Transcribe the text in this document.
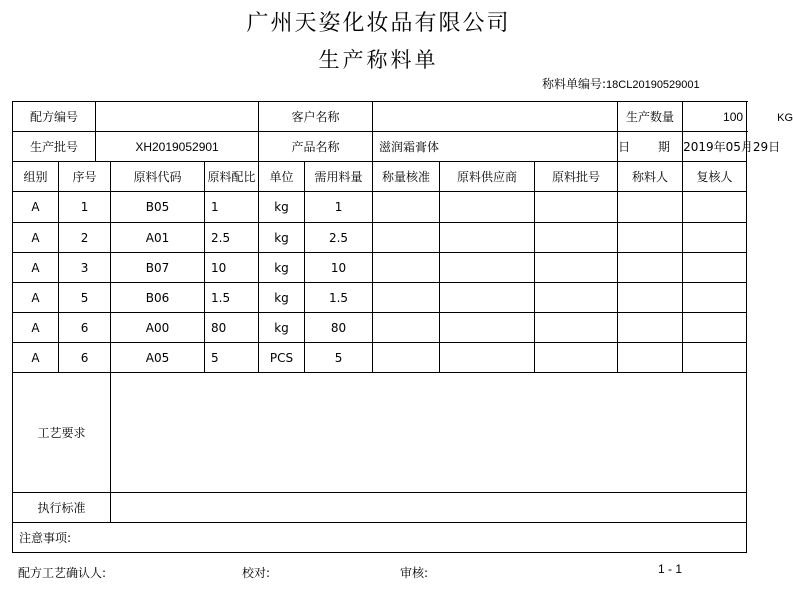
广州天姿化妆品有限公司
生产称料单
称料单编号:18CL20190529001
配方编号					客户名称					生产数量	100 KG
生产批号		XH2019052901			产品名称		滋润霜膏体			日 期	2019年05月29日
组别	序号		原料代码	原料配比	单位	需用料量	称量核准	原料供应商	原料批号	称料人	复核人
A	1		B05	1	kg	1					
A	2		A01	2.5	kg	2.5					
A	3		B07	10	kg	10					
A	5		B06	1.5	kg	1.5					
A	6		A00	80	kg	80					
A	6		A05	5	PCS	5					
工艺要求											
执行标准											
注意事项:											
配方工艺确认人:	校对:	审核:	1 - 1
